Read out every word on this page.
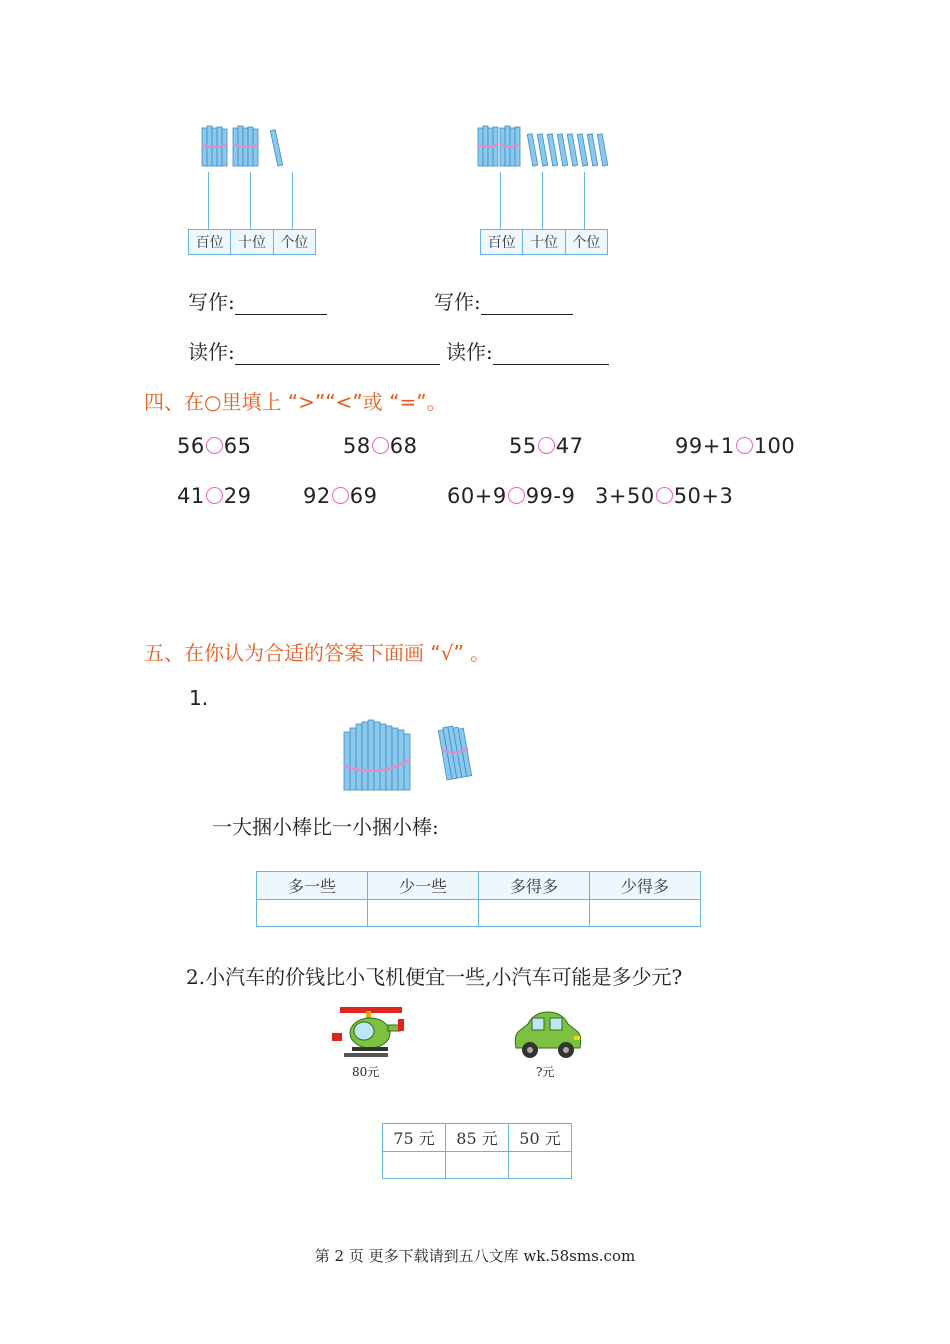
百位	十位	个位	百位	十位	个位
写作:	写作:
读作:	读作:
四、在○里填上 “>”“<”或 “=”。
56 65	58 68	55 47	99+1 100
41 29 92 69	60+9 99-9 3+50 50+3
五、在你认为合适的答案下面画 “√” 。
1.
一大捆小棒比一小捆小棒:
多一些	少一些	多得多	少得多

2.小汽车的价钱比小飞机便宜一些,小汽车可能是多少元?
80元	?元
75 元	85 元	50 元

第 2 页 更多下载请到五八文库 wk.58sms.com
